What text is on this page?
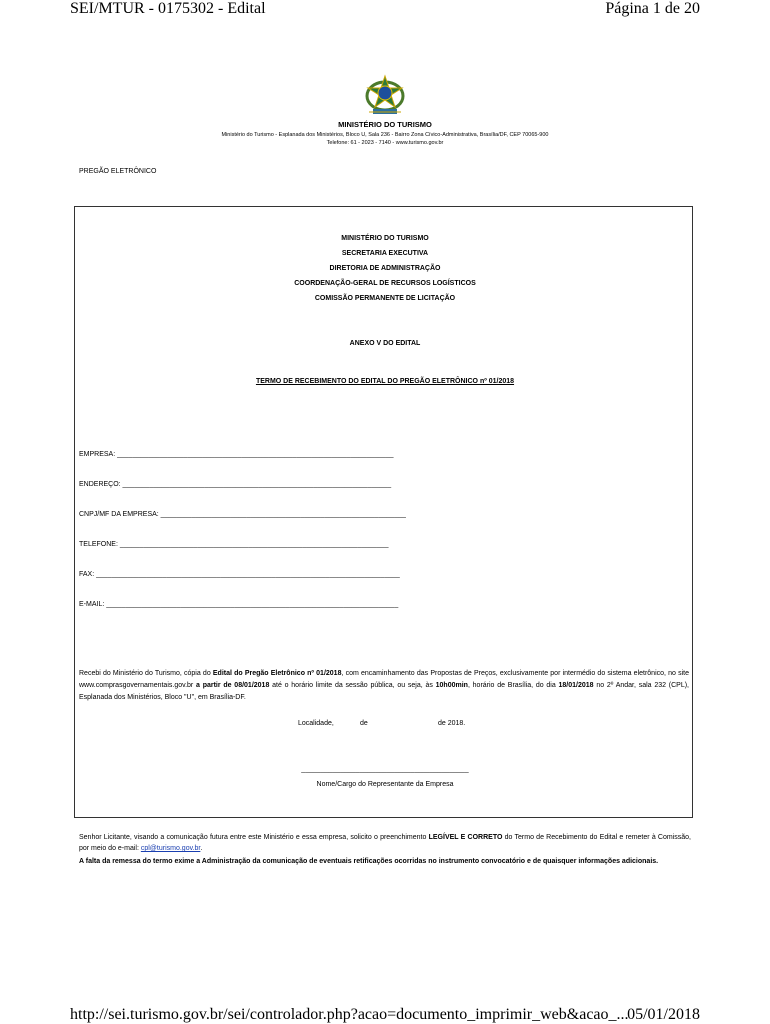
SEI/MTUR - 0175302 - Edital	Página 1 de 20
MINISTÉRIO DO TURISMO
Ministério do Turismo - Esplanada dos Ministérios, Bloco U, Sala 236 - Bairro Zona Cívico-Administrativa, Brasília/DF, CEP 70065-900
Telefone: 61 - 2023 - 7140 - www.turismo.gov.br
PREGÃO ELETRÔNICO
MINISTÉRIO DO TURISMO
SECRETARIA EXECUTIVA
DIRETORIA DE ADMINISTRAÇÃO
COORDENAÇÃO-GERAL DE RECURSOS LOGÍSTICOS
COMISSÃO PERMANENTE DE LICITAÇÃO
ANEXO V DO EDITAL
TERMO DE RECEBIMENTO DO EDITAL DO PREGÃO ELETRÔNICO nº 01/2018
EMPRESA: _______________________________________________________________________
ENDEREÇO: _____________________________________________________________________
CNPJ/MF DA EMPRESA: _______________________________________________________________
TELEFONE: _____________________________________________________________________
FAX: ______________________________________________________________________________
E-MAIL: ___________________________________________________________________________
Recebi do Ministério do Turismo, cópia do Edital do Pregão Eletrônico nº 01/2018, com encaminhamento das Propostas de Preços, exclusivamente por intermédio do sistema eletrônico, no site www.comprasgovernamentais.gov.br a partir de 08/01/2018 até o horário limite da sessão pública, ou seja, às 10h00min, horário de Brasília, do dia 18/01/2018 no 2º Andar, sala 232 (CPL), Esplanada dos Ministérios, Bloco "U", em Brasília-DF.
Localidade,	de	de 2018.
___________________________________________
Nome/Cargo do Representante da Empresa
Senhor Licitante, visando a comunicação futura entre este Ministério e essa empresa, solicito o preenchimento LEGÍVEL E CORRETO do Termo de Recebimento do Edital e remeter à Comissão, por meio do e-mail: cpl@turismo.gov.br.
A falta da remessa do termo exime a Administração da comunicação de eventuais retificações ocorridas no instrumento convocatório e de quaisquer informações adicionais.
http://sei.turismo.gov.br/sei/controlador.php?acao=documento_imprimir_web&acao_...
05/01/2018
